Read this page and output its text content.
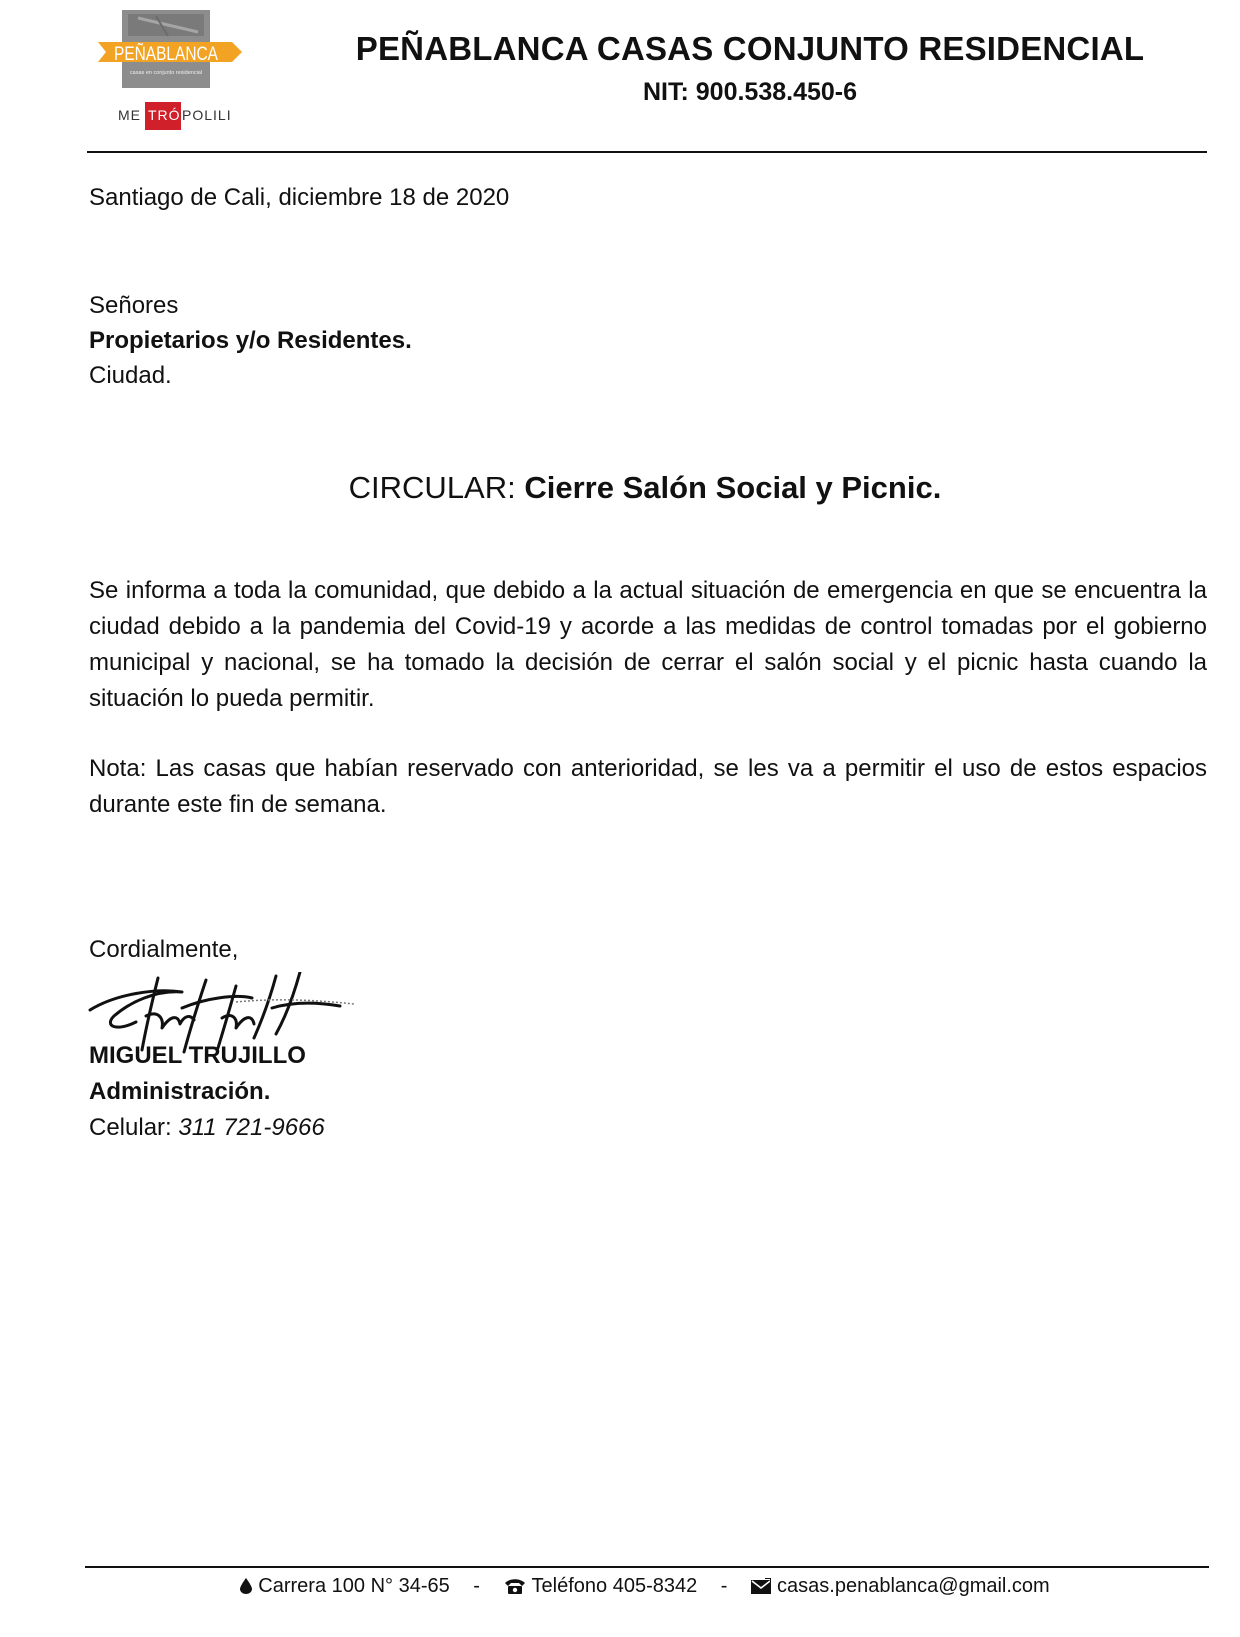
PEÑABLANCA
casas en conjunto residencial
ME TRÓ POLILI
PEÑABLANCA CASAS CONJUNTO RESIDENCIAL
NIT: 900.538.450-6
Santiago de Cali, diciembre 18 de 2020
Señores
Propietarios y/o Residentes.
Ciudad.
CIRCULAR: Cierre Salón Social y Picnic.
Se informa a toda la comunidad, que debido a la actual situación de emergencia en que se encuentra la ciudad debido a la pandemia del Covid-19 y acorde a las medidas de control tomadas por el gobierno municipal y nacional, se ha tomado la decisión de cerrar el salón social y el picnic hasta cuando la situación lo pueda permitir.
Nota: Las casas que habían reservado con anterioridad, se les va a permitir el uso de estos espacios durante este fin de semana.
Cordialmente,
MIGUEL TRUJILLO
Administración.
Celular: 311 721-9666
Carrera 100 N° 34-65 -	Teléfono 405-8342 - casas.penablanca@gmail.com
